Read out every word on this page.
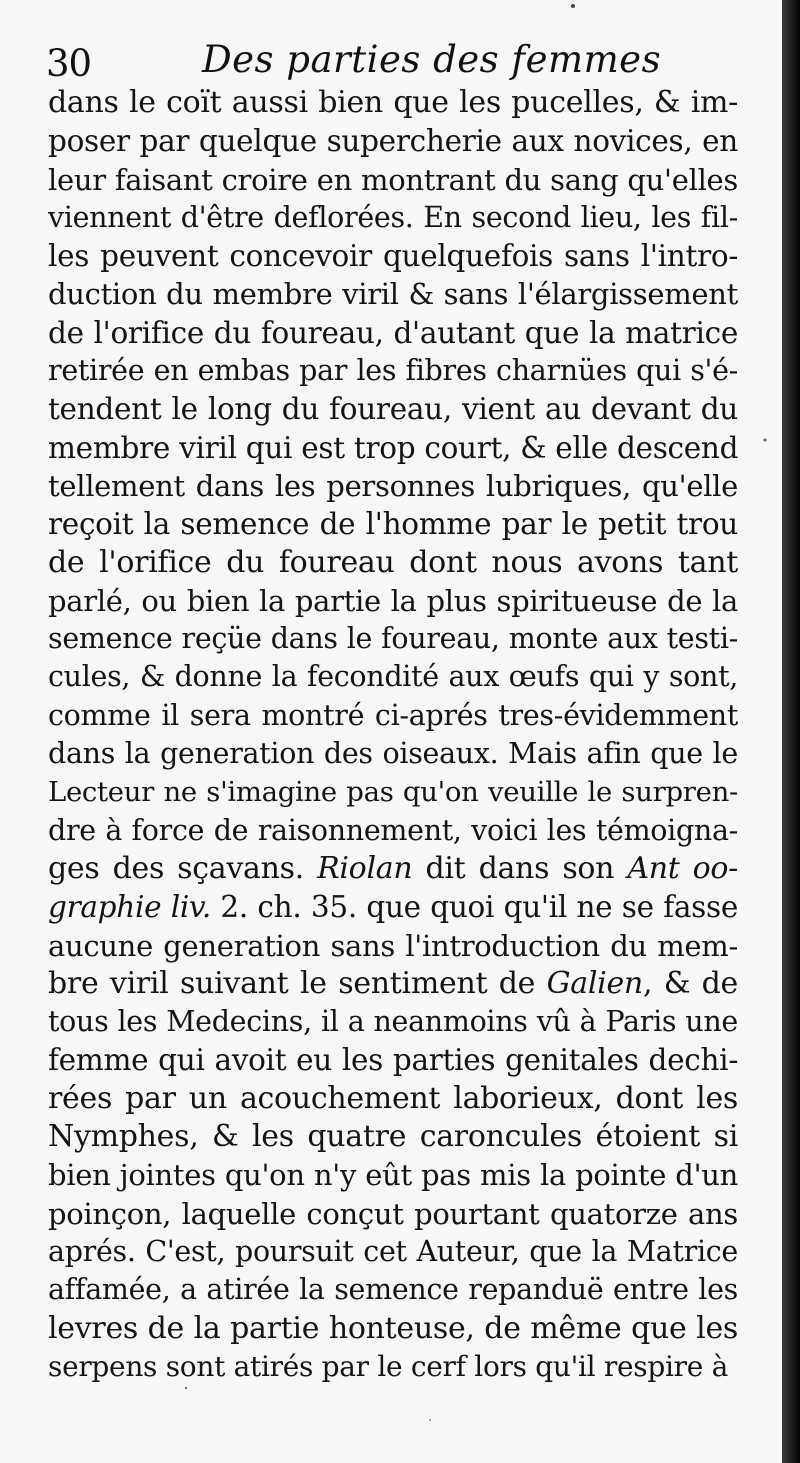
30	Des parties des femmes
dans le coït aussi bien que les pucelles, & im-
poser par quelque supercherie aux novices, en
leur faisant croire en montrant du sang qu'elles
viennent d'être deflorées. En second lieu, les fil-
les peuvent concevoir quelquefois sans l'intro-
duction du membre viril & sans l'élargissement
de l'orifice du foureau, d'autant que la matrice
retirée en embas par les fibres charnües qui s'é-
tendent le long du foureau, vient au devant du
membre viril qui est trop court, & elle descend
tellement dans les personnes lubriques, qu'elle
reçoit la semence de l'homme par le petit trou
de l'orifice du foureau dont nous avons tant
parlé, ou bien la partie la plus spiritueuse de la
semence reçüe dans le foureau, monte aux testi-
cules, & donne la fecondité aux œufs qui y sont,
comme il sera montré ci-aprés tres-évidemment
dans la generation des oiseaux. Mais afin que le
Lecteur ne s'imagine pas qu'on veuille le surpren-
dre à force de raisonnement, voici les témoigna-
ges des sçavans. Riolan dit dans son Ant oo-
graphie liv. 2. ch. 35. que quoi qu'il ne se fasse
aucune generation sans l'introduction du mem-
bre viril suivant le sentiment de Galien, & de
tous les Medecins, il a neanmoins vû à Paris une
femme qui avoit eu les parties genitales dechi-
rées par un acouchement laborieux, dont les
Nymphes, & les quatre caroncules étoient si
bien jointes qu'on n'y eût pas mis la pointe d'un
poinçon, laquelle conçut pourtant quatorze ans
aprés. C'est, poursuit cet Auteur, que la Matrice
affamée, a atirée la semence repanduë entre les
levres de la partie honteuse, de même que les
serpens sont atirés par le cerf lors qu'il respire à
